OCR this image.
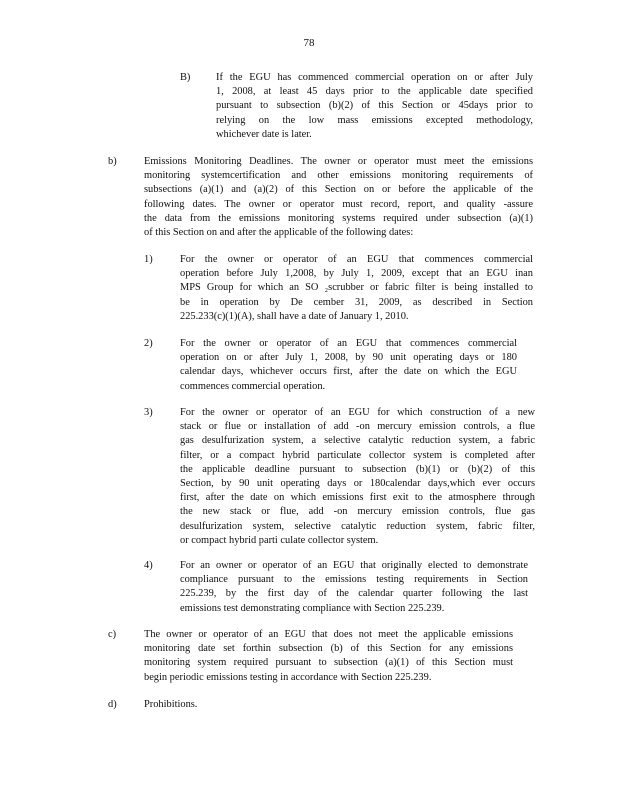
78
B) If the EGU has commenced commercial operation on or after July
1, 2008, at least 45 days prior to the applicable date specified
pursuant to subsection (b)(2) of this Section or 45days prior to
relying on the low mass emissions excepted methodology,
whichever date is later.
b)	Emissions Monitoring Deadlines. The owner or operator must meet the emissions
monitoring systemcertification and other emissions monitoring requirements of
subsections (a)(1) and (a)(2) of this Section on or before the applicable of the
following dates. The owner or operator must record, report, and quality -assure
the data from the emissions monitoring systems required under subsection (a)(1)
of this Section on and after the applicable of the following dates:
1)	For the owner or operator of an EGU that commences commercial
operation before July 1,2008, by July 1, 2009, except that an EGU inan
MPS Group for which an SO ₂scrubber or fabric filter is being installed to
be in operation by De cember 31, 2009, as described in Section
225.233(c)(1)(A), shall have a date of January 1, 2010.
2)	For the owner or operator of an EGU that commences commercial
operation on or after July 1, 2008, by 90 unit operating days or 180
calendar days, whichever occurs first, after the date on which the EGU
commences commercial operation.
3)	For the owner or operator of an EGU for which construction of a new
stack or flue or installation of add -on mercury emission controls, a flue
gas desulfurization system, a selective catalytic reduction system, a fabric
filter, or a compact hybrid particulate collector system is completed after
the applicable deadline pursuant to subsection (b)(1) or (b)(2) of this
Section, by 90 unit operating days or 180calendar days,which ever occurs
first, after the date on which emissions first exit to the atmosphere through
the new stack or flue, add -on mercury emission controls, flue gas
desulfurization system, selective catalytic reduction system, fabric filter,
or compact hybrid parti culate collector system.
4)	For an owner or operator of an EGU that originally elected to demonstrate
compliance pursuant to the emissions testing requirements in Section
225.239, by the first day of the calendar quarter following the last
emissions test demonstrating compliance with Section 225.239.
c)	The owner or operator of an EGU that does not meet the applicable emissions
monitoring date set forthin subsection (b) of this Section for any emissions
monitoring system required pursuant to subsection (a)(1) of this Section must
begin periodic emissions testing in accordance with Section 225.239.
d)	Prohibitions.
